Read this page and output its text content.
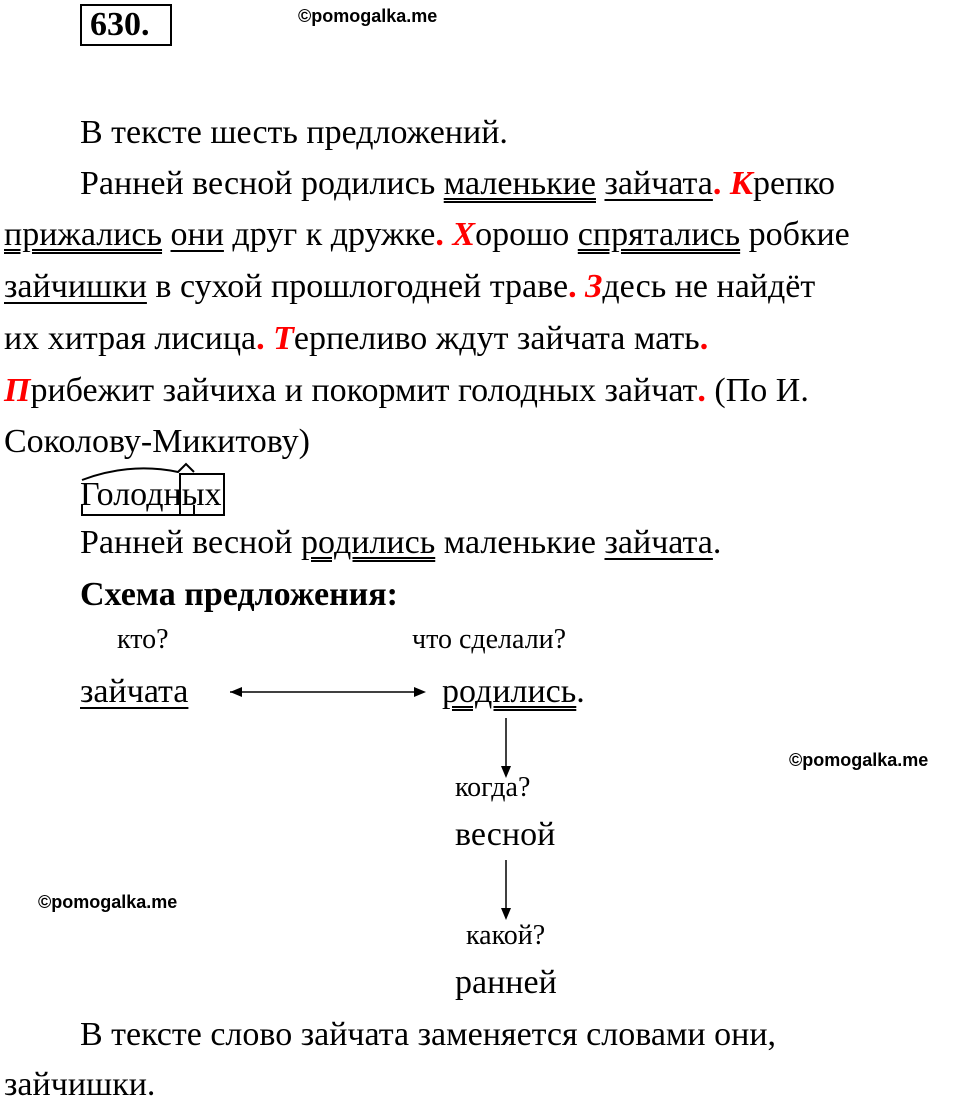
630.	©pomogalka.me
В тексте шесть предложений.
Ранней весной родились маленькие зайчата. Крепко
прижались они друг к дружке. Хорошо спрятались робкие
зайчишки в сухой прошлогодней траве. Здесь не найдёт
их хитрая лисица. Терпеливо ждут зайчата мать.
Прибежит зайчиха и покормит голодных зайчат. (По И.
Соколову-Микитову)
Голодных
Ранней весной родились маленькие зайчата.
Схема предложения:
кто?	что сделали?
зайчата	родились.
©pomogalka.me
когда?
весной
©pomogalka.me
какой?
ранней
В тексте слово зайчата заменяется словами они,
зайчишки.
